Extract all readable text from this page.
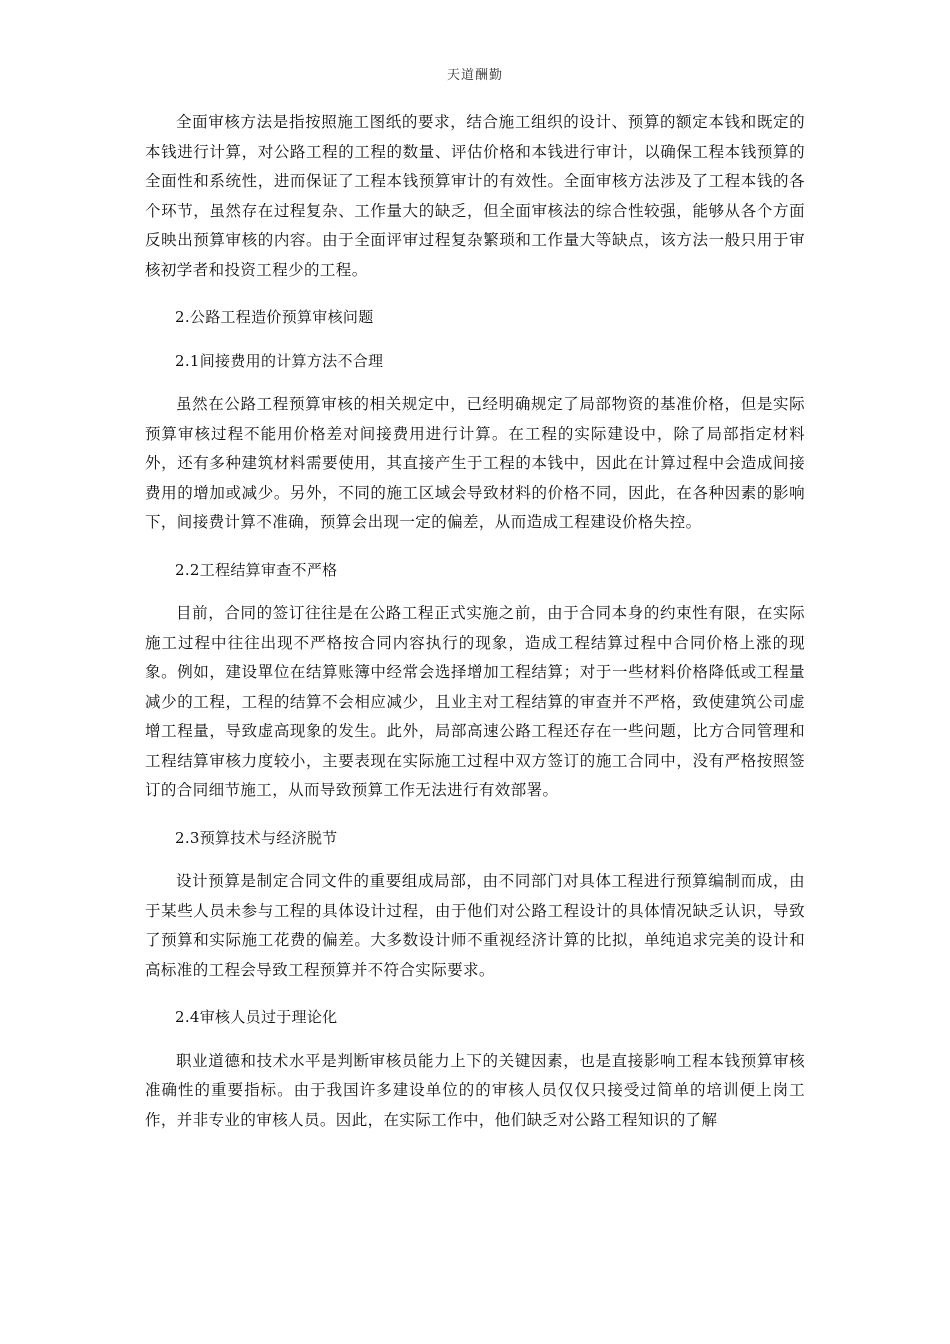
天道酬勤

全面审核方法是指按照施工图纸的要求，结合施工组织的设计、预算的额定本钱和既定的本钱进行计算，对公路工程的工程的数量、评估价格和本钱进行审计，以确保工程本钱预算的全面性和系统性，进而保证了工程本钱预算审计的有效性。全面审核方法涉及了工程本钱的各个环节，虽然存在过程复杂、工作量大的缺乏，但全面审核法的综合性较强，能够从各个方面反映出预算审核的内容。由于全面评审过程复杂繁琐和工作量大等缺点，该方法一般只用于审核初学者和投资工程少的工程。

2.公路工程造价预算审核问题

2.1间接费用的计算方法不合理

虽然在公路工程预算审核的相关规定中，已经明确规定了局部物资的基准价格，但是实际预算审核过程不能用价格差对间接费用进行计算。在工程的实际建设中，除了局部指定材料外，还有多种建筑材料需要使用，其直接产生于工程的本钱中，因此在计算过程中会造成间接费用的增加或减少。另外，不同的施工区域会导致材料的价格不同，因此，在各种因素的影响下，间接费计算不准确，预算会出现一定的偏差，从而造成工程建设价格失控。

2.2工程结算审查不严格

目前，合同的签订往往是在公路工程正式实施之前，由于合同本身的约束性有限，在实际施工过程中往往出现不严格按合同内容执行的现象，造成工程结算过程中合同价格上涨的现象。例如，建设單位在结算账簿中经常会选择增加工程结算；对于一些材料价格降低或工程量减少的工程，工程的结算不会相应减少，且业主对工程结算的审查并不严格，致使建筑公司虚增工程量，导致虚高现象的发生。此外，局部高速公路工程还存在一些问题，比方合同管理和工程结算审核力度较小，主要表现在实际施工过程中双方签订的施工合同中，没有严格按照签订的合同细节施工，从而导致预算工作无法进行有效部署。

2.3预算技术与经济脱节

设计预算是制定合同文件的重要组成局部，由不同部门对具体工程进行预算编制而成，由于某些人员未参与工程的具体设计过程，由于他们对公路工程设计的具体情况缺乏认识，导致了预算和实际施工花费的偏差。大多数设计师不重视经济计算的比拟，单纯追求完美的设计和高标准的工程会导致工程预算并不符合实际要求。

2.4审核人员过于理论化

职业道德和技术水平是判断审核员能力上下的关键因素，也是直接影响工程本钱预算审核准确性的重要指标。由于我国许多建设单位的的审核人员仅仅只接受过简单的培训便上岗工作，并非专业的审核人员。因此，在实际工作中，他们缺乏对公路工程知识的了解
